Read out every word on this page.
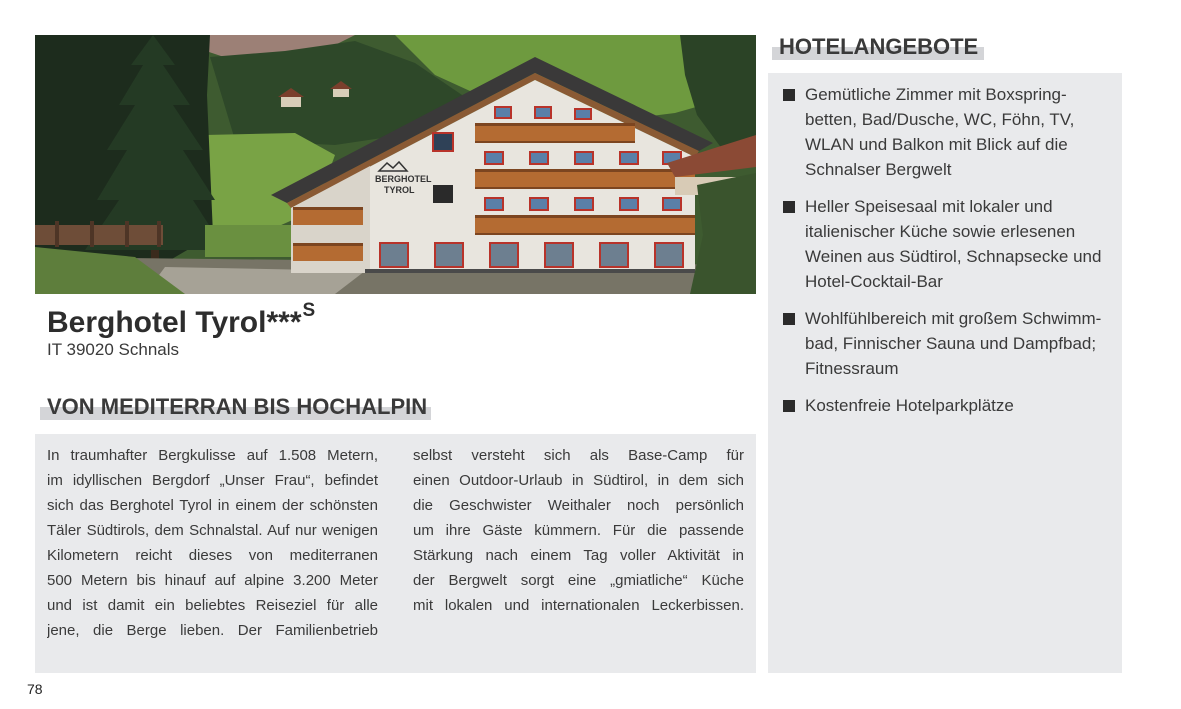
BERGHOTEL
TYROL
Berghotel Tyrol***$^S$
IT 39020 Schnals
VON MEDITERRAN BIS HOCHALPIN
In traumhafter Bergkulisse auf 1.508 Metern,
im idyllischen Bergdorf „Unser Frau“, befindet
sich das Berghotel Tyrol in einem der schönsten
Täler Südtirols, dem Schnalstal. Auf nur wenigen
Kilometern reicht dieses von mediterranen
500 Metern bis hinauf auf alpine 3.200 Meter
und ist damit ein beliebtes Reiseziel für alle
jene, die Berge lieben. Der Familienbetrieb
selbst versteht sich als Base-Camp für
einen Outdoor-Urlaub in Südtirol, in dem sich
die Geschwister Weithaler noch persönlich
um ihre Gäste kümmern. Für die passende
Stärkung nach einem Tag voller Aktivität in
der Bergwelt sorgt eine „gmiatliche“ Küche
mit lokalen und internationalen Leckerbissen.
HOTELANGEBOTE
Gemütliche Zimmer mit Boxspring-
betten, Bad/Dusche, WC, Föhn, TV,
WLAN und Balkon mit Blick auf die
Schnalser Bergwelt
Heller Speisesaal mit lokaler und
italienischer Küche sowie erlesenen
Weinen aus Südtirol, Schnapsecke und
Hotel-Cocktail-Bar
Wohlfühlbereich mit großem Schwimm-
bad, Finnischer Sauna und Dampfbad;
Fitnessraum
Kostenfreie Hotelparkplätze
78
